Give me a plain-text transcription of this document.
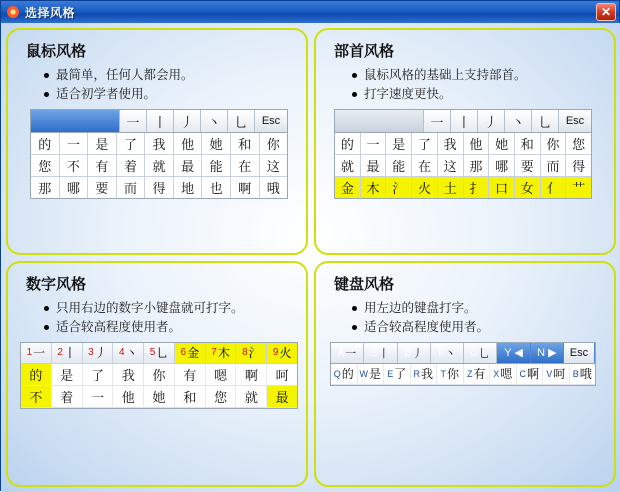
选择风格	✕
鼠标风格
最简单，任何人都会用。
适合初学者使用。
一	丨	丿	丶	乚	Esc
的	一	是	了	我	他	她	和	你
您	不	有	着	就	最	能	在	这
那	哪	要	而	得	地	也	啊	哦
部首风格
鼠标风格的基础上支持部首。
打字速度更快。
一	丨	丿	丶	乚	Esc
的 一 是 了 我 他 她 和 你 您
就 最 能 在 这 那 哪 要 而 得
金 木 氵 火 土 扌 口 女 亻 艹
数字风格
只用右边的数字小键盘就可打字。
适合较高程度使用者。
1 一 2 丨 3 丿 4 丶 5 乚 6 金 7 木 8 氵 9 火
的	是	了	我	你	有	嗯	啊	呵
不	着	一	他	她	和	您	就	最
键盘风格
用左边的键盘打字。
适合较高程度使用者。
A 一 S 丨 D 丿 F 丶 G 乚	Y ◀	N ▶	Esc
Q 的 W 是 E 了 R 我 T 你 Z 有 X 嗯 C 啊 V 呵 B 哦
